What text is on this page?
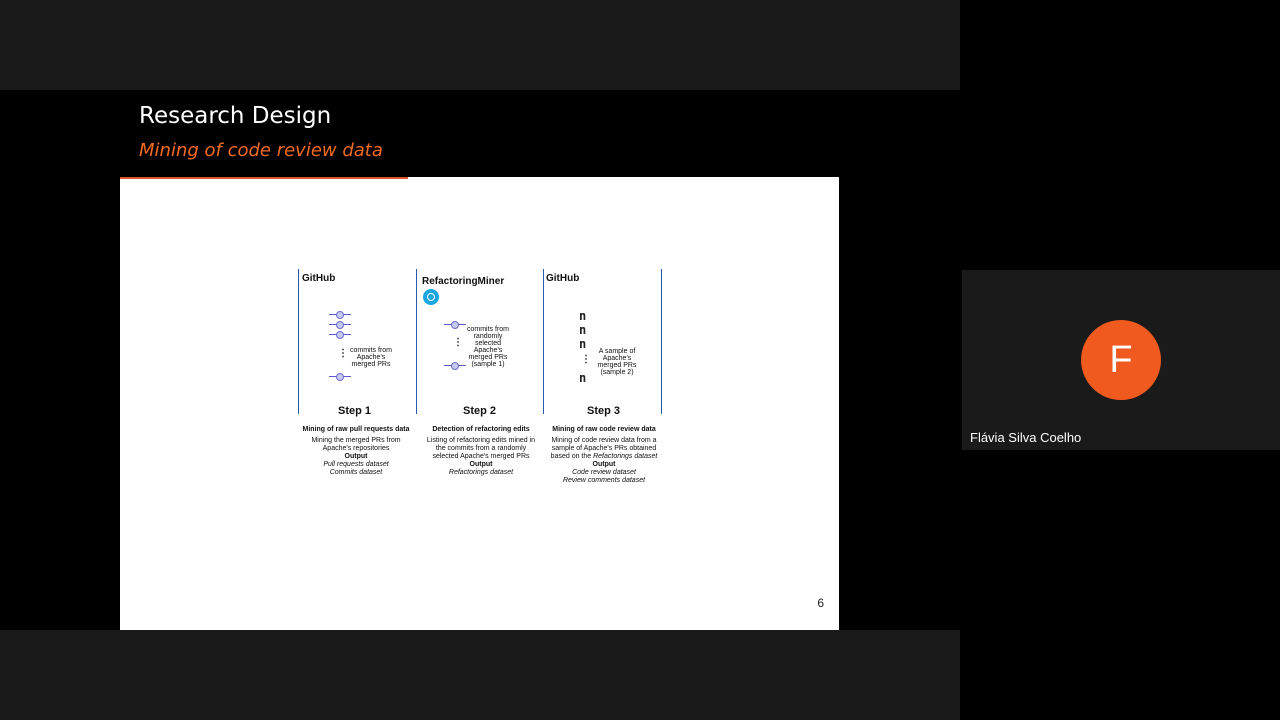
Research Design
Mining of code review data
GitHub
⋮ commits from
Apache's
merged PRs
RefactoringMiner
⋮
commits from
randomly
selected
Apache's
merged PRs
(sample 1)
GitHub
n
n
n
⋮
n
A sample of
Apache's
merged PRs
(sample 2)
Step 1	Step 2	Step 3
Mining of raw pull requests data
Mining the merged PRs from
Apache's repositories
Output
Pull requests dataset
Commits dataset
Detection of refactoring edits
Listing of refactoring edits mined in
the commits from a randomly
selected Apache's merged PRs
Output
Refactorings dataset
Mining of raw code review data
Mining of code review data from a
sample of Apache's PRs obtained
based on the Refactorings dataset
Output
Code review dataset
Review comments dataset
6
F
Flávia Silva Coelho
